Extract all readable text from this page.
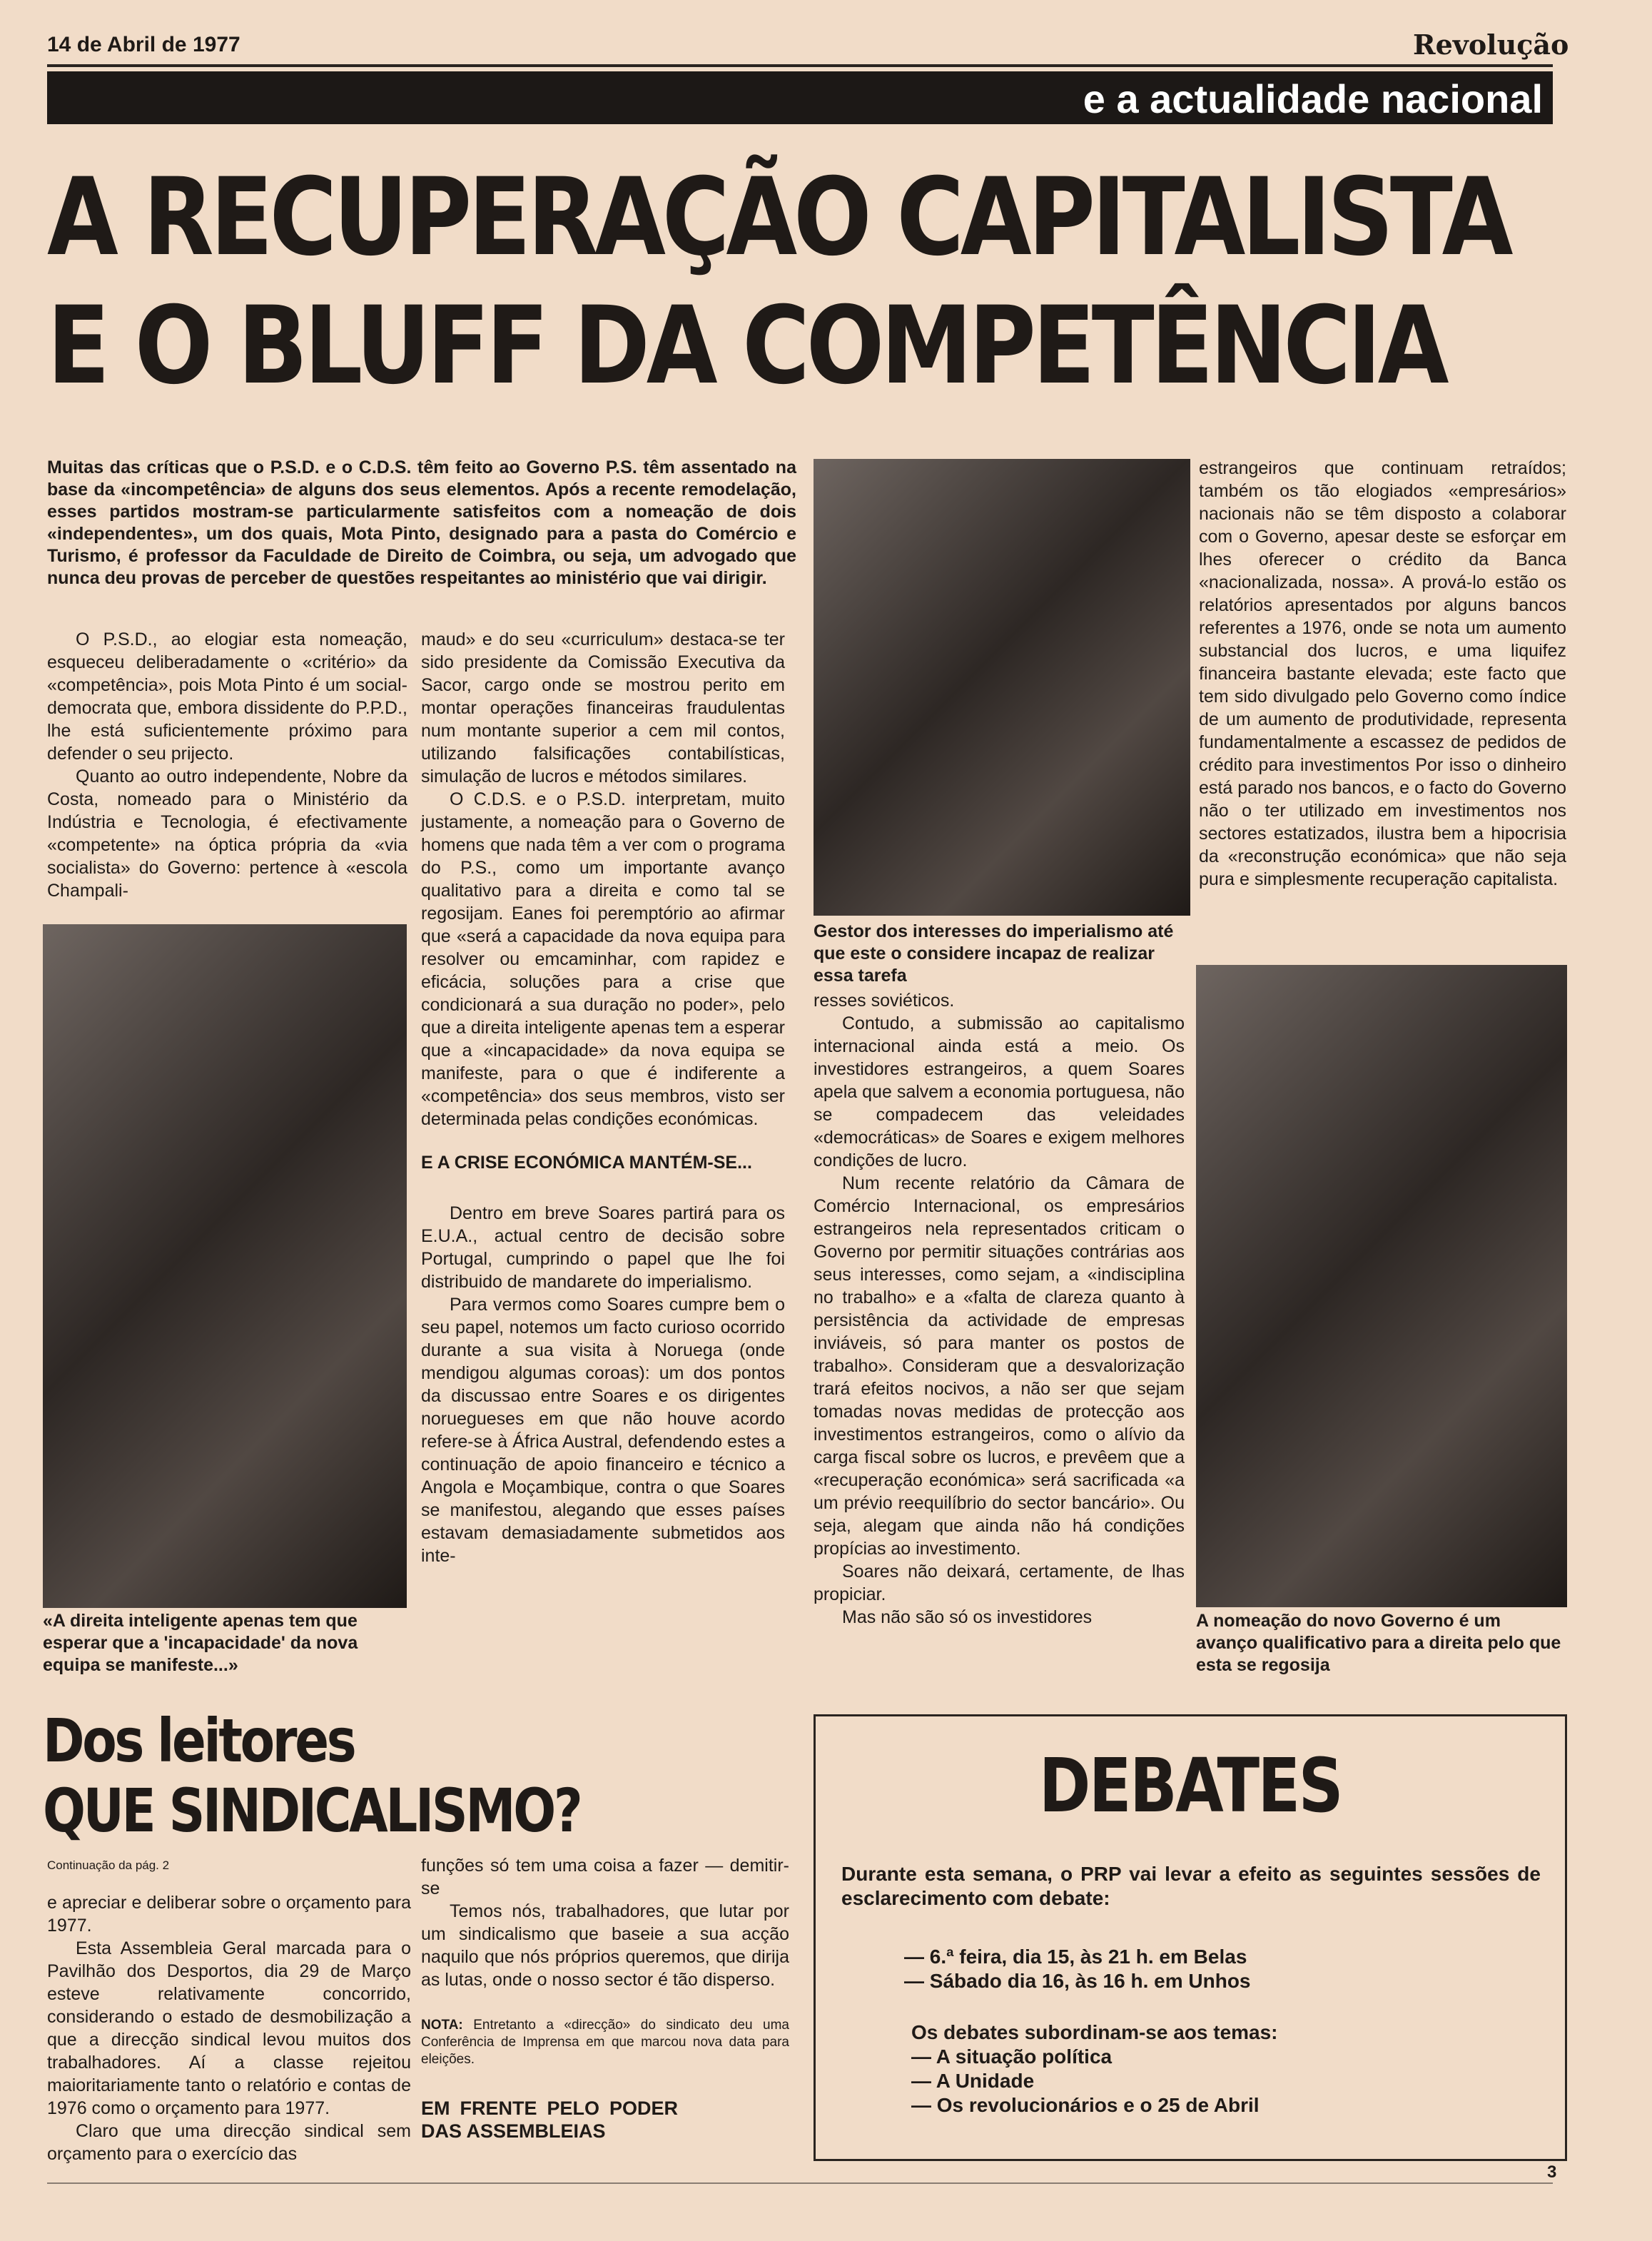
14 de Abril de 1977	Revolução
e a actualidade nacional
A RECUPERAÇÃO CAPITALISTA
E O BLUFF DA COMPETÊNCIA
Muitas das críticas que o P.S.D. e o C.D.S. têm feito ao Governo P.S. têm assentado na base da «incompetência» de alguns dos seus elementos. Após a recente remodelação, esses partidos mostram-se particularmente satisfeitos com a nomeação de dois «independentes», um dos quais, Mota Pinto, designado para a pasta do Comércio e Turismo, é professor da Faculdade de Direito de Coimbra, ou seja, um advogado que nunca deu provas de perceber de questões respeitantes ao ministério que vai dirigir.

O P.S.D., ao elogiar esta nomeação, esqueceu deliberadamente o «critério» da «competência», pois Mota Pinto é um social-democrata que, embora dissidente do P.P.D., lhe está suficientemente próximo para defender o seu prijecto.

Quanto ao outro independente, Nobre da Costa, nomeado para o Ministério da Indústria e Tecnologia, é efectivamente «competente» na óptica própria da «via socialista» do Governo: pertence à «escola Champali-

«A direita inteligente apenas tem que esperar que a 'incapacidade' da nova equipa se manifeste...»

maud» e do seu «curriculum» destaca-se ter sido presidente da Comissão Executiva da Sacor, cargo onde se mostrou perito em montar operações financeiras fraudulentas num montante superior a cem mil contos, utilizando falsificações contabilísticas, simulação de lucros e métodos similares.

O C.D.S. e o P.S.D. interpretam, muito justamente, a nomeação para o Governo de homens que nada têm a ver com o programa do P.S., como um importante avanço qualitativo para a direita e como tal se regosijam. Eanes foi peremptório ao afirmar que «será a capacidade da nova equipa para resolver ou emcaminhar, com rapidez e eficácia, soluções para a crise que condicionará a sua duração no poder», pelo que a direita inteligente apenas tem a esperar que a «incapacidade» da nova equipa se manifeste, para o que é indiferente a «competência» dos seus membros, visto ser determinada pelas condições económicas.

E A CRISE ECONÓMICA MANTÉM-SE...

Dentro em breve Soares partirá para os E.U.A., actual centro de decisão sobre Portugal, cumprindo o papel que lhe foi distribuido de mandarete do imperialismo.

Para vermos como Soares cumpre bem o seu papel, notemos um facto curioso ocorrido durante a sua visita à Noruega (onde mendigou algumas coroas): um dos pontos da discussao entre Soares e os dirigentes noruegueses em que não houve acordo refere-se à África Austral, defendendo estes a continuação de apoio financeiro e técnico a Angola e Moçambique, contra o que Soares se manifestou, alegando que esses países estavam demasiadamente submetidos aos inte-

Gestor dos interesses do imperialismo até que este o considere incapaz de realizar essa tarefa

resses soviéticos.

Contudo, a submissão ao capitalismo internacional ainda está a meio. Os investidores estrangeiros, a quem Soares apela que salvem a economia portuguesa, não se compadecem das veleidades «democráticas» de Soares e exigem melhores condições de lucro.

Num recente relatório da Câmara de Comércio Internacional, os empresários estrangeiros nela representados criticam o Governo por permitir situações contrárias aos seus interesses, como sejam, a «indisciplina no trabalho» e a «falta de clareza quanto à persistência da actividade de empresas inviáveis, só para manter os postos de trabalho». Consideram que a desvalorização trará efeitos nocivos, a não ser que sejam tomadas novas medidas de protecção aos investimentos estrangeiros, como o alívio da carga fiscal sobre os lucros, e prevêem que a «recuperação económica» será sacrificada «a um prévio reequilíbrio do sector bancário». Ou seja, alegam que ainda não há condições propícias ao investimento.

Soares não deixará, certamente, de lhas propiciar.

Mas não são só os investidores

estrangeiros que continuam retraídos; também os tão elogiados «empresários» nacionais não se têm disposto a colaborar com o Governo, apesar deste se esforçar em lhes oferecer o crédito da Banca «nacionalizada, nossa». A prová-lo estão os relatórios apresentados por alguns bancos referentes a 1976, onde se nota um aumento substancial dos lucros, e uma liquifez financeira bastante elevada; este facto que tem sido divulgado pelo Governo como índice de um aumento de produtividade, representa fundamentalmente a escassez de pedidos de crédito para investimentos Por isso o dinheiro está parado nos bancos, e o facto do Governo não o ter utilizado em investimentos nos sectores estatizados, ilustra bem a hipocrisia da «reconstrução económica» que não seja pura e simplesmente recuperação capitalista.

A nomeação do novo Governo é um avanço qualificativo para a direita pelo que esta se regosija
Dos leitores
QUE SINDICALISMO?
Continuação da pág. 2

e apreciar e deliberar sobre o orçamento para 1977.

Esta Assembleia Geral marcada para o Pavilhão dos Desportos, dia 29 de Março esteve relativamente concorrido, considerando o estado de desmobilização a que a direcção sindical levou muitos dos trabalhadores. Aí a classe rejeitou maioritariamente tanto o relatório e contas de 1976 como o orçamento para 1977.

Claro que uma direcção sindical sem orçamento para o exercício das

funções só tem uma coisa a fazer — demitir-se

Temos nós, trabalhadores, que lutar por um sindicalismo que baseie a sua acção naquilo que nós próprios queremos, que dirija as lutas, onde o nosso sector é tão disperso.

NOTA: Entretanto a «direcção» do sindicato deu uma Conferência de Imprensa em que marcou nova data para eleições.
EM FRENTE PELO PODER DAS ASSEMBLEIAS
DEBATES
Durante esta semana, o PRP vai levar a efeito as seguintes sessões de esclarecimento com debate:
— 6.ª feira, dia 15, às 21 h. em Belas
— Sábado dia 16, às 16 h. em Unhos
Os debates subordinam-se aos temas:
— A situação política
— A Unidade
— Os revolucionários e o 25 de Abril
3
